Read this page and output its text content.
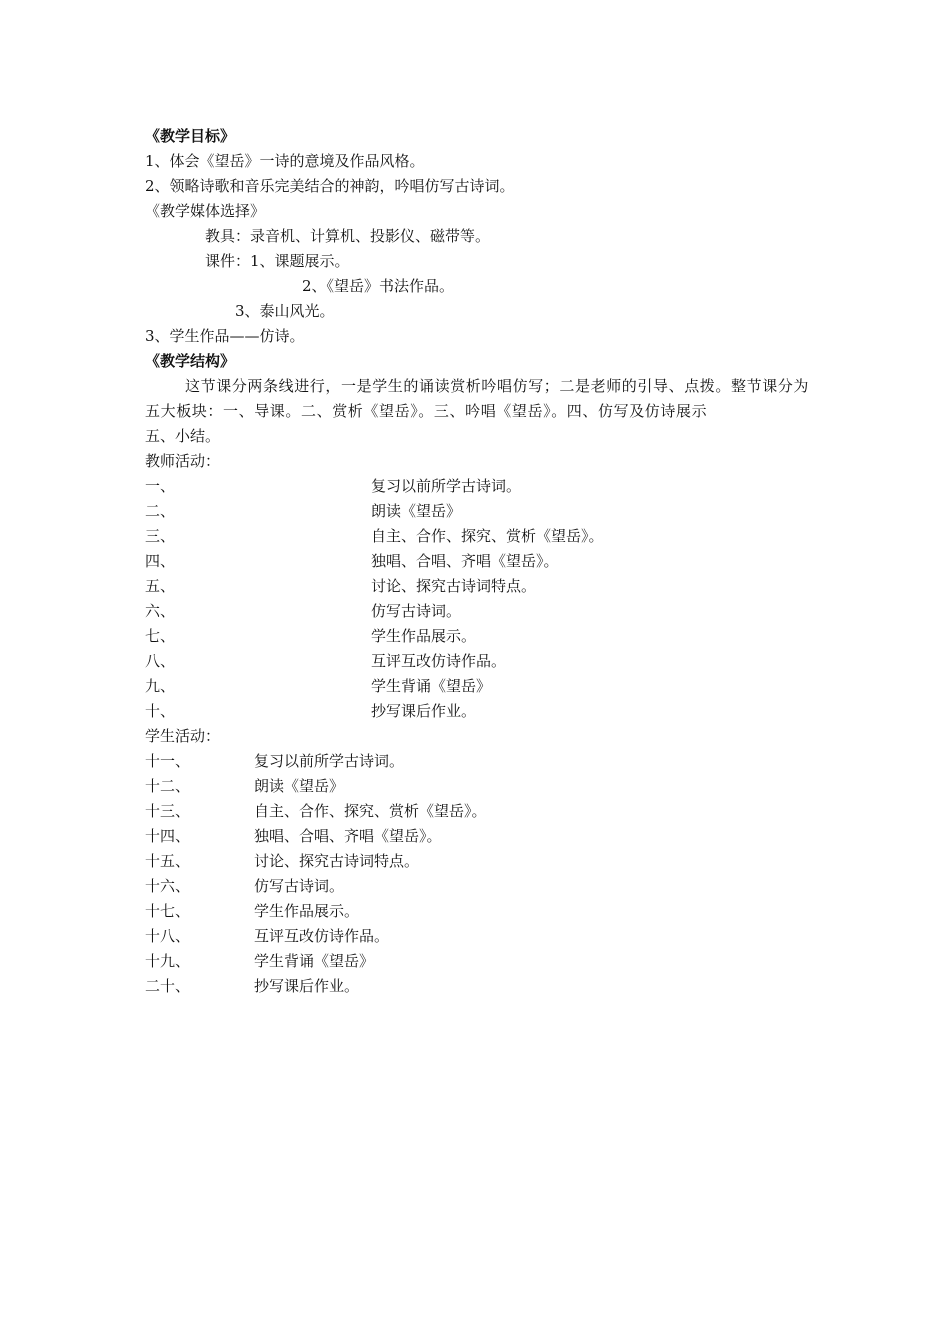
《教学目标》
1、体会《望岳》一诗的意境及作品风格。
2、领略诗歌和音乐完美结合的神韵，吟唱仿写古诗词。
《教学媒体选择》
教具：录音机、计算机、投影仪、磁带等。
课件：1、课题展示。
2、《望岳》书法作品。
3、泰山风光。
3、学生作品——仿诗。
《教学结构》
这节课分两条线进行，一是学生的诵读赏析吟唱仿写；二是老师的引导、点拨。整节课分为五大板块：一、导课。二、赏析《望岳》。三、吟唱《望岳》。四、仿写及仿诗展示
五、小结。
教师活动：
一、	复习以前所学古诗词。
二、	朗读《望岳》
三、	自主、合作、探究、赏析《望岳》。
四、	独唱、合唱、齐唱《望岳》。
五、	讨论、探究古诗词特点。
六、	仿写古诗词。
七、	学生作品展示。
八、	互评互改仿诗作品。
九、	学生背诵《望岳》
十、	抄写课后作业。
学生活动：
十一、	复习以前所学古诗词。
十二、	朗读《望岳》
十三、	自主、合作、探究、赏析《望岳》。
十四、	独唱、合唱、齐唱《望岳》。
十五、	讨论、探究古诗词特点。
十六、	仿写古诗词。
十七、	学生作品展示。
十八、	互评互改仿诗作品。
十九、	学生背诵《望岳》
二十、	抄写课后作业。
